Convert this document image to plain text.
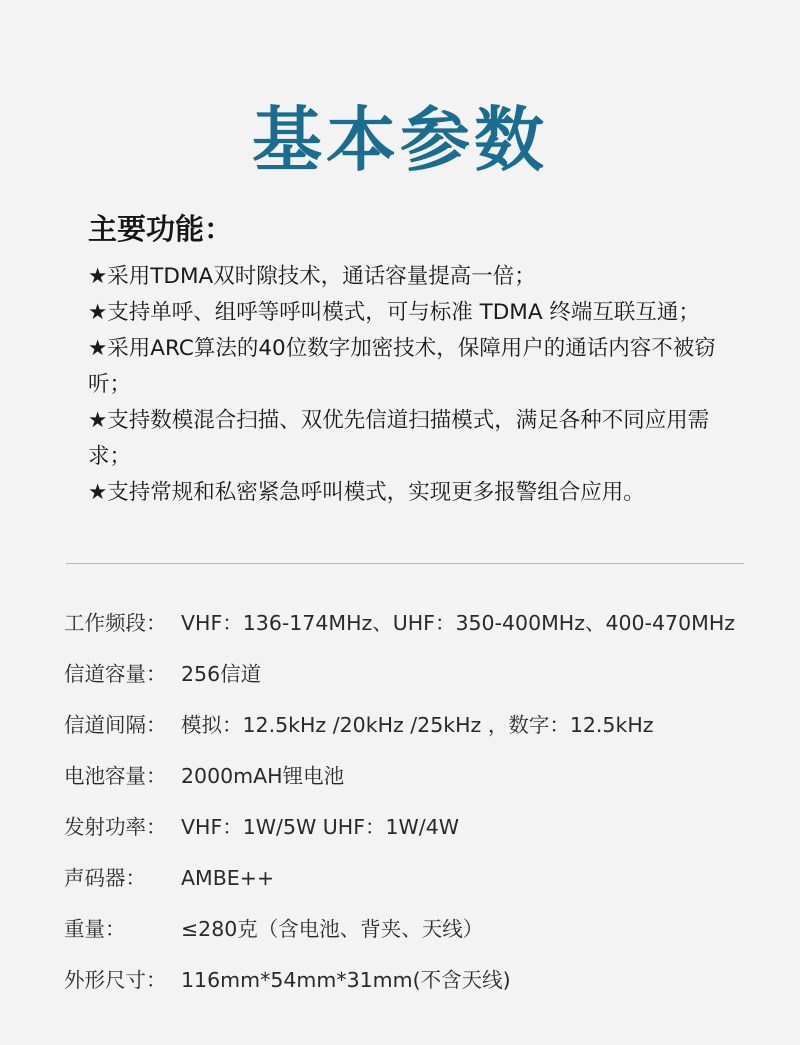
基本参数
主要功能：
★采用TDMA双时隙技术，通话容量提高一倍；
★支持单呼、组呼等呼叫模式，可与标准 TDMA 终端互联互通；
★采用ARC算法的40位数字加密技术，保障用户的通话内容不被窃听；
★支持数模混合扫描、双优先信道扫描模式，满足各种不同应用需求；
★支持常规和私密紧急呼叫模式，实现更多报警组合应用。
工作频段： VHF：136-174MHz、UHF：350-400MHz、400-470MHz
信道容量： 256信道
信道间隔： 模拟：12.5kHz /20kHz /25kHz ，数字：12.5kHz
电池容量： 2000mAH锂电池
发射功率： VHF：1W/5W UHF：1W/4W
声码器： AMBE++
重量：	≤280克（含电池、背夹、天线）
外形尺寸： 116mm*54mm*31mm(不含天线)
